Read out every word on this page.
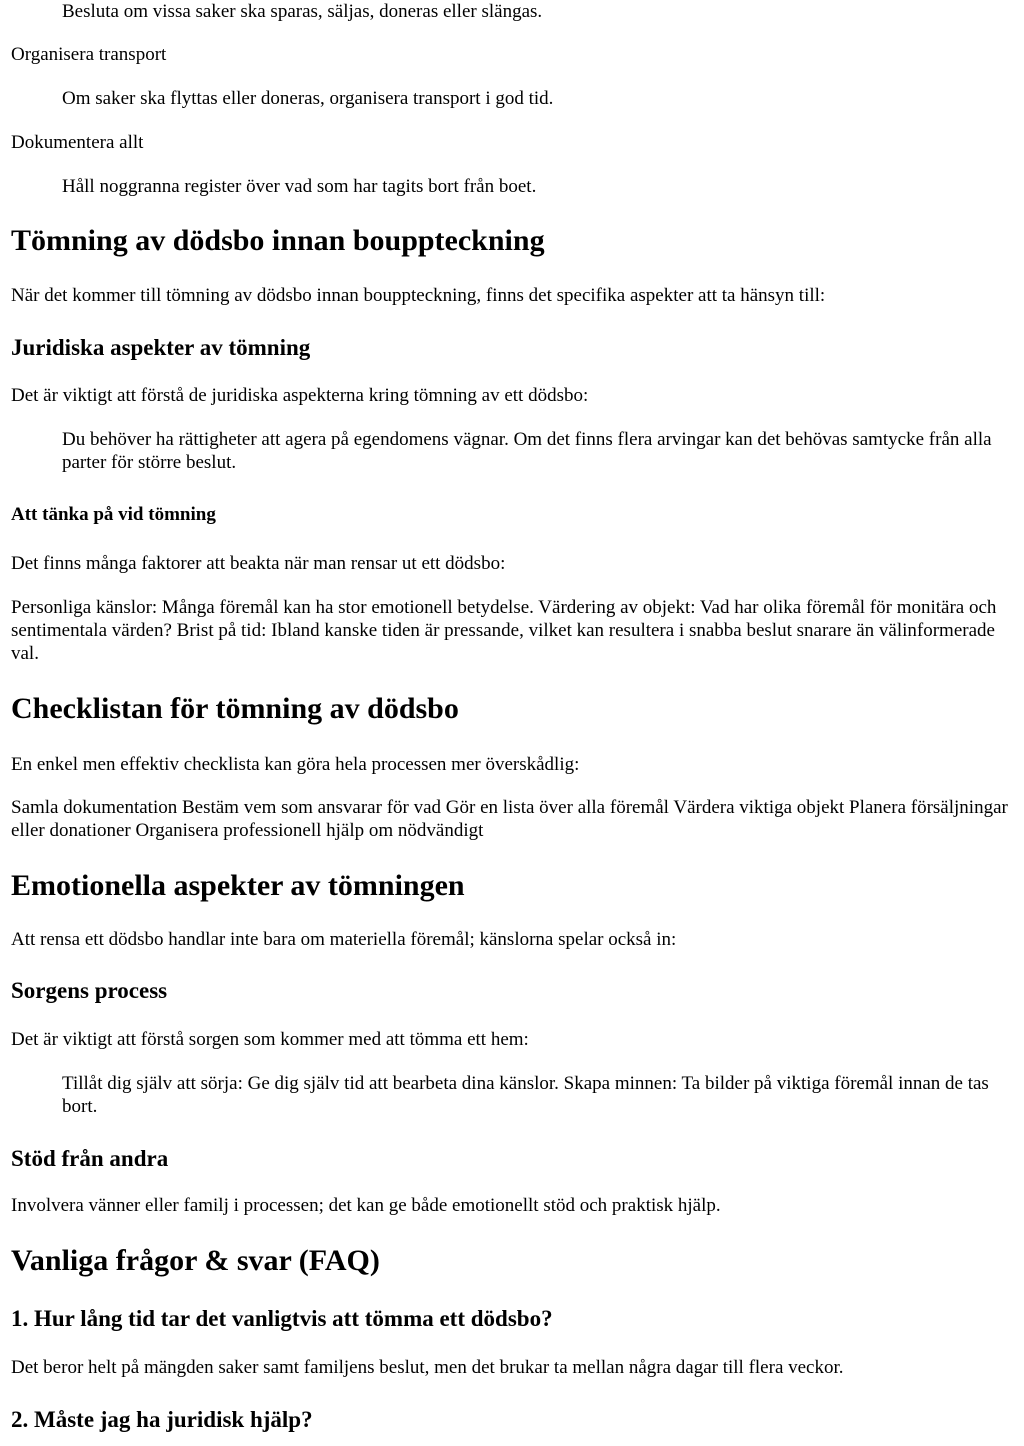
Besluta om vissa saker ska sparas, säljas, doneras eller slängas.

Organisera transport

Om saker ska flyttas eller doneras, organisera transport i god tid.

Dokumentera allt

Håll noggranna register över vad som har tagits bort från boet.

Tömning av dödsbo innan bouppteckning

När det kommer till tömning av dödsbo innan bouppteckning, finns det specifika aspekter att ta hänsyn till:

Juridiska aspekter av tömning

Det är viktigt att förstå de juridiska aspekterna kring tömning av ett dödsbo:

Du behöver ha rättigheter att agera på egendomens vägnar. Om det finns flera arvingar kan det behövas samtycke från alla parter för större beslut.

Att tänka på vid tömning

Det finns många faktorer att beakta när man rensar ut ett dödsbo:

Personliga känslor: Många föremål kan ha stor emotionell betydelse. Värdering av objekt: Vad har olika föremål för monitära och sentimentala värden? Brist på tid: Ibland kanske tiden är pressande, vilket kan resultera i snabba beslut snarare än välinformerade val.

Checklistan för tömning av dödsbo

En enkel men effektiv checklista kan göra hela processen mer överskådlig:

Samla dokumentation Bestäm vem som ansvarar för vad Gör en lista över alla föremål Värdera viktiga objekt Planera försäljningar eller donationer Organisera professionell hjälp om nödvändigt

Emotionella aspekter av tömningen

Att rensa ett dödsbo handlar inte bara om materiella föremål; känslorna spelar också in:

Sorgens process

Det är viktigt att förstå sorgen som kommer med att tömma ett hem:

Tillåt dig själv att sörja: Ge dig själv tid att bearbeta dina känslor. Skapa minnen: Ta bilder på viktiga föremål innan de tas bort.

Stöd från andra

Involvera vänner eller familj i processen; det kan ge både emotionellt stöd och praktisk hjälp.

Vanliga frågor & svar (FAQ)
1. Hur lång tid tar det vanligtvis att tömma ett dödsbo?

Det beror helt på mängden saker samt familjens beslut, men det brukar ta mellan några dagar till flera veckor.

2. Måste jag ha juridisk hjälp?
